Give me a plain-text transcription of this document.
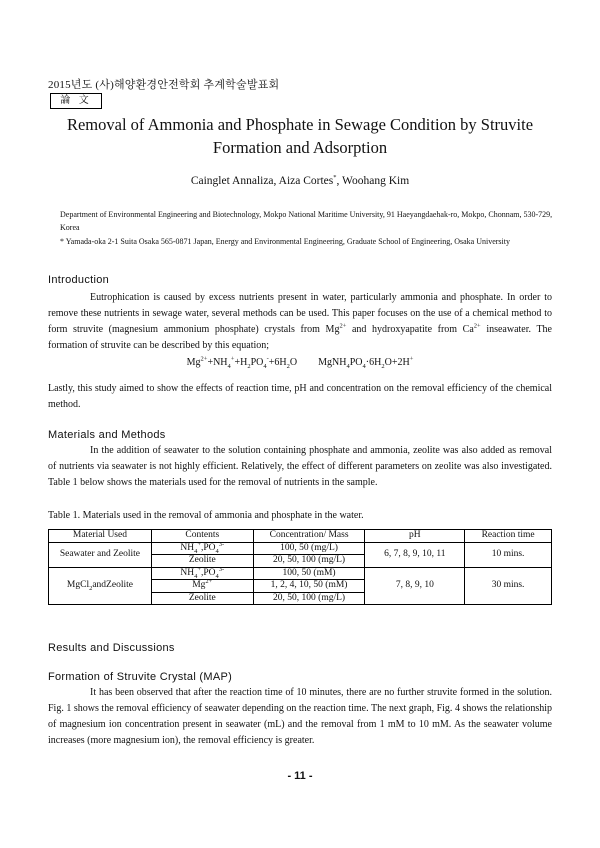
2015년도 (사)해양환경안전학회 추계학술발표회
論 文
Removal of Ammonia and Phosphate in Sewage Condition by Struvite
Formation and Adsorption
Cainglet Annaliza, Aiza Cortes*, Woohang Kim
Department of Environmental Engineering and Biotechnology, Mokpo National Maritime University, 91 Haeyangdaehak-ro, Mokpo, Chonnam, 530-729, Korea
* Yamada-oka 2-1 Suita Osaka 565-0871 Japan, Energy and Environmental Engineering, Graduate School of Engineering, Osaka University
Introduction
Eutrophication is caused by excess nutrients present in water, particularly ammonia and phosphate. In order to remove these nutrients in sewage water, several methods can be used. This paper focuses on the use of a chemical method to form struvite (magnesium ammonium phosphate) crystals from $Mg^{2+}$ and hydroxyapatite from $Ca^{2+}$ inseawater. The formation of struvite can be described by this equation;
$Mg^{2+}+NH_4^++H_2PO_4^-+6H_2O$ $MgNH_4PO_4\cdot 6H_2O+2H^+$
Lastly, this study aimed to show the effects of reaction time, pH and concentration on the removal efficiency of the chemical method.
Materials and Methods
In the addition of seawater to the solution containing phosphate and ammonia, zeolite was also added as removal of nutrients via seawater is not highly efficient. Relatively, the effect of different parameters on zeolite was also investigated. Table 1 below shows the materials used for the removal of nutrients in the sample.
Table 1. Materials used in the removal of ammonia and phosphate in the water.
Material Used	Contents	Concentration/ Mass	pH	Reaction time
Seawater and Zeolite	$NH_4^+,PO_4^{3-}$	100, 50 (mg/L)	6, 7, 8, 9, 10, 11	10 mins.
	Zeolite	20, 50, 100 (mg/L)		
MgCl$_2$andZeolite	$NH_4^+,PO_4^{3-}$	100, 50 (mM)	7, 8, 9, 10	30 mins.
	$Mg^{2+}$	1, 2, 4, 10, 50 (mM)		
	Zeolite	20, 50, 100 (mg/L)		
Results and Discussions
Formation of Struvite Crystal (MAP)
It has been observed that after the reaction time of 10 minutes, there are no further struvite formed in the solution. Fig. 1 shows the removal efficiency of seawater depending on the reaction time. The next graph, Fig. 4 shows the relationship of magnesium ion concentration present in seawater (mL) and the removal from 1 mM to 10 mM. As the seawater volume increases (more magnesium ion), the removal efficiency is greater.
- 11 -
